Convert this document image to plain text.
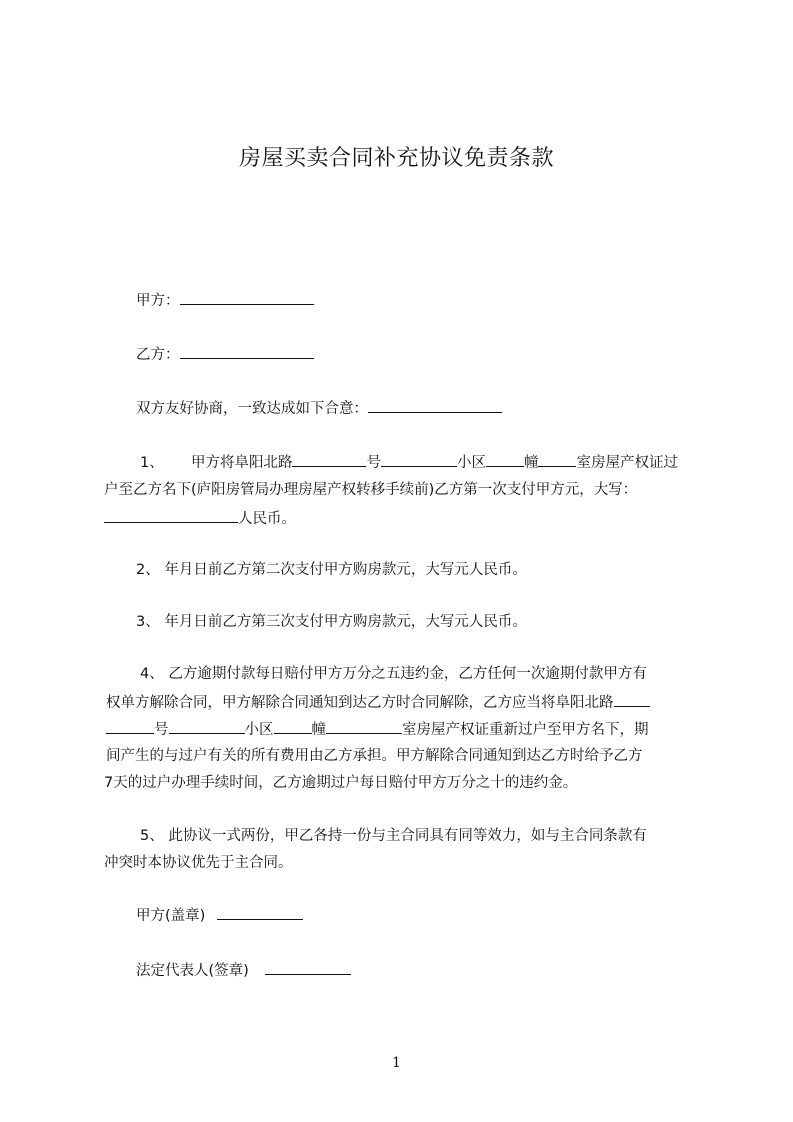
房屋买卖合同补充协议免责条款
甲方：
乙方：
双方友好协商，一致达成如下合意：
1、 甲方将阜阳北路	号	小区	幢	室房屋产权证过
户至乙方名下(庐阳房管局办理房屋产权转移手续前)乙方第一次支付甲方元，大写：
人民币。
2、 年月日前乙方第二次支付甲方购房款元，大写元人民币。
3、 年月日前乙方第三次支付甲方购房款元，大写元人民币。
4、 乙方逾期付款每日赔付甲方万分之五违约金，乙方任何一次逾期付款甲方有
权单方解除合同，甲方解除合同通知到达乙方时合同解除，乙方应当将阜阳北路
号	小区	幢	室房屋产权证重新过户至甲方名下，期
间产生的与过户有关的所有费用由乙方承担。甲方解除合同通知到达乙方时给予乙方
7天的过户办理手续时间，乙方逾期过户每日赔付甲方万分之十的违约金。
5、 此协议一式两份，甲乙各持一份与主合同具有同等效力，如与主合同条款有
冲突时本协议优先于主合同。
甲方(盖章)
法定代表人(签章)
1
